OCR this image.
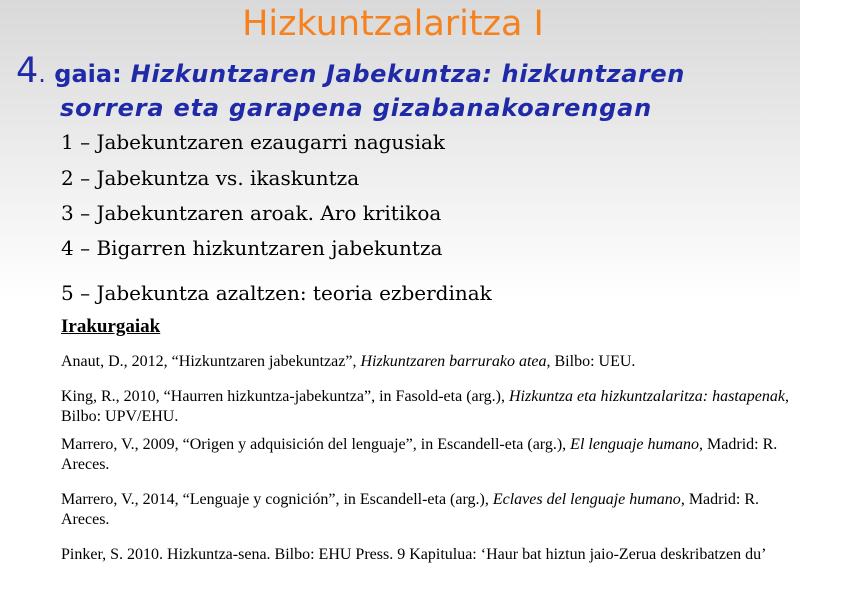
Hizkuntzalaritza I
4. gaia: Hizkuntzaren Jabekuntza: hizkuntzaren
sorrera eta garapena gizabanakoarengan
1 – Jabekuntzaren ezaugarri nagusiak
2 – Jabekuntza vs. ikaskuntza
3 – Jabekuntzaren aroak. Aro kritikoa
4 – Bigarren hizkuntzaren jabekuntza
5 – Jabekuntza azaltzen: teoria ezberdinak
Irakurgaiak
Anaut, D., 2012, “Hizkuntzaren jabekuntzaz”, Hizkuntzaren barrurako atea, Bilbo: UEU.
King, R., 2010, “Haurren hizkuntza-jabekuntza”, in Fasold-eta (arg.), Hizkuntza eta hizkuntzalaritza: hastapenak, Bilbo: UPV/EHU.
Marrero, V., 2009, “Origen y adquisición del lenguaje”, in Escandell-eta (arg.), El lenguaje humano, Madrid: R. Areces.
Marrero, V., 2014, “Lenguaje y cognición”, in Escandell-eta (arg.), Eclaves del lenguaje humano, Madrid: R. Areces.
Pinker, S. 2010. Hizkuntza-sena. Bilbo: EHU Press. 9 Kapitulua: ‘Haur bat hiztun jaio-Zerua deskribatzen du’
